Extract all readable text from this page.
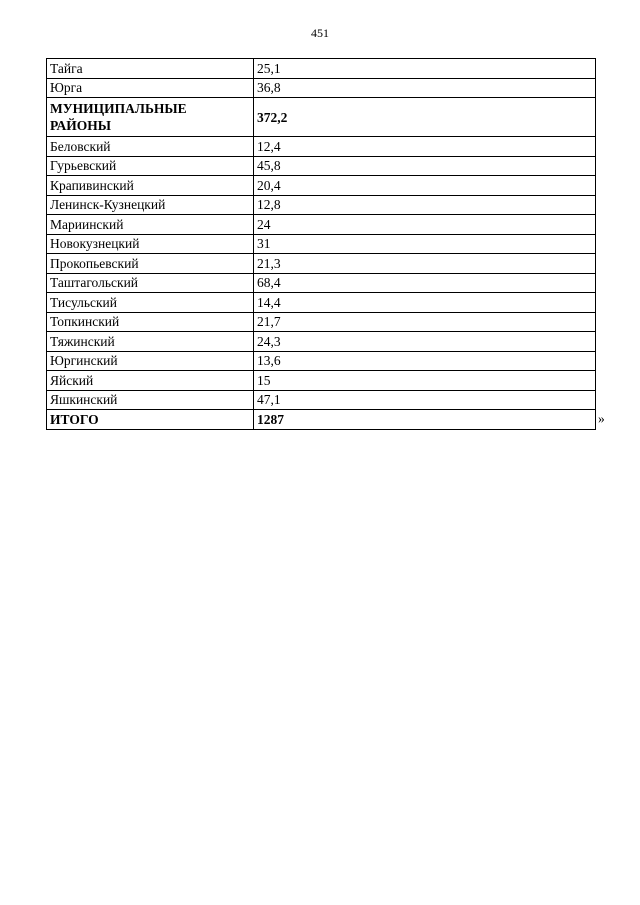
451
Тайга	25,1
Юрга	36,8
МУНИЦИПАЛЬНЫЕ РАЙОНЫ	372,2
Беловский	12,4
Гурьевский	45,8
Крапивинский	20,4
Ленинск-Кузнецкий	12,8
Мариинский	24
Новокузнецкий	31
Прокопьевский	21,3
Таштагольский	68,4
Тисульский	14,4
Топкинский	21,7
Тяжинский	24,3
Юргинский	13,6
Яйский	15
Яшкинский	47,1
ИТОГО	1287	»
